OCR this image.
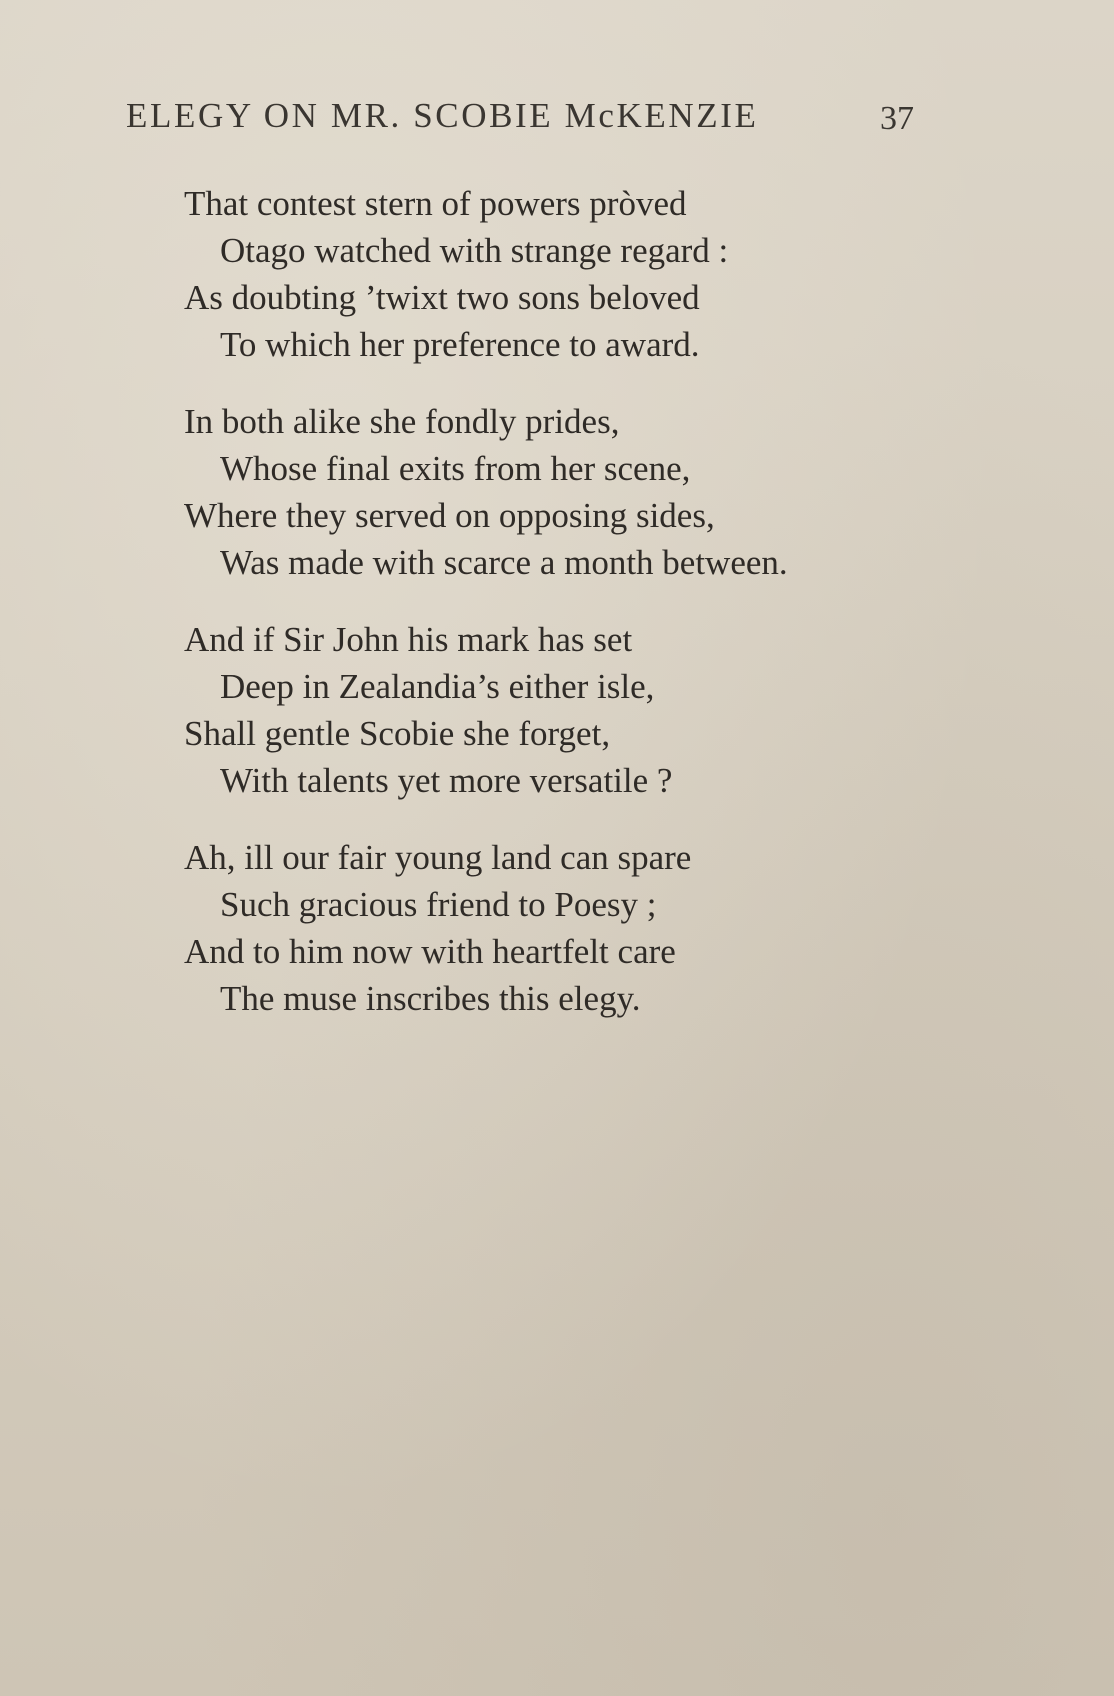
ELEGY ON MR. SCOBIE McKENZIE	37
That contest stern of powers pròved
Otago watched with strange regard :
As doubting ’twixt two sons beloved
To which her preference to award.
In both alike she fondly prides,
Whose final exits from her scene,
Where they served on opposing sides,
Was made with scarce a month between.
And if Sir John his mark has set
Deep in Zealandia’s either isle,
Shall gentle Scobie she forget,
With talents yet more versatile ?
Ah, ill our fair young land can spare
Such gracious friend to Poesy ;
And to him now with heartfelt care
The muse inscribes this elegy.
